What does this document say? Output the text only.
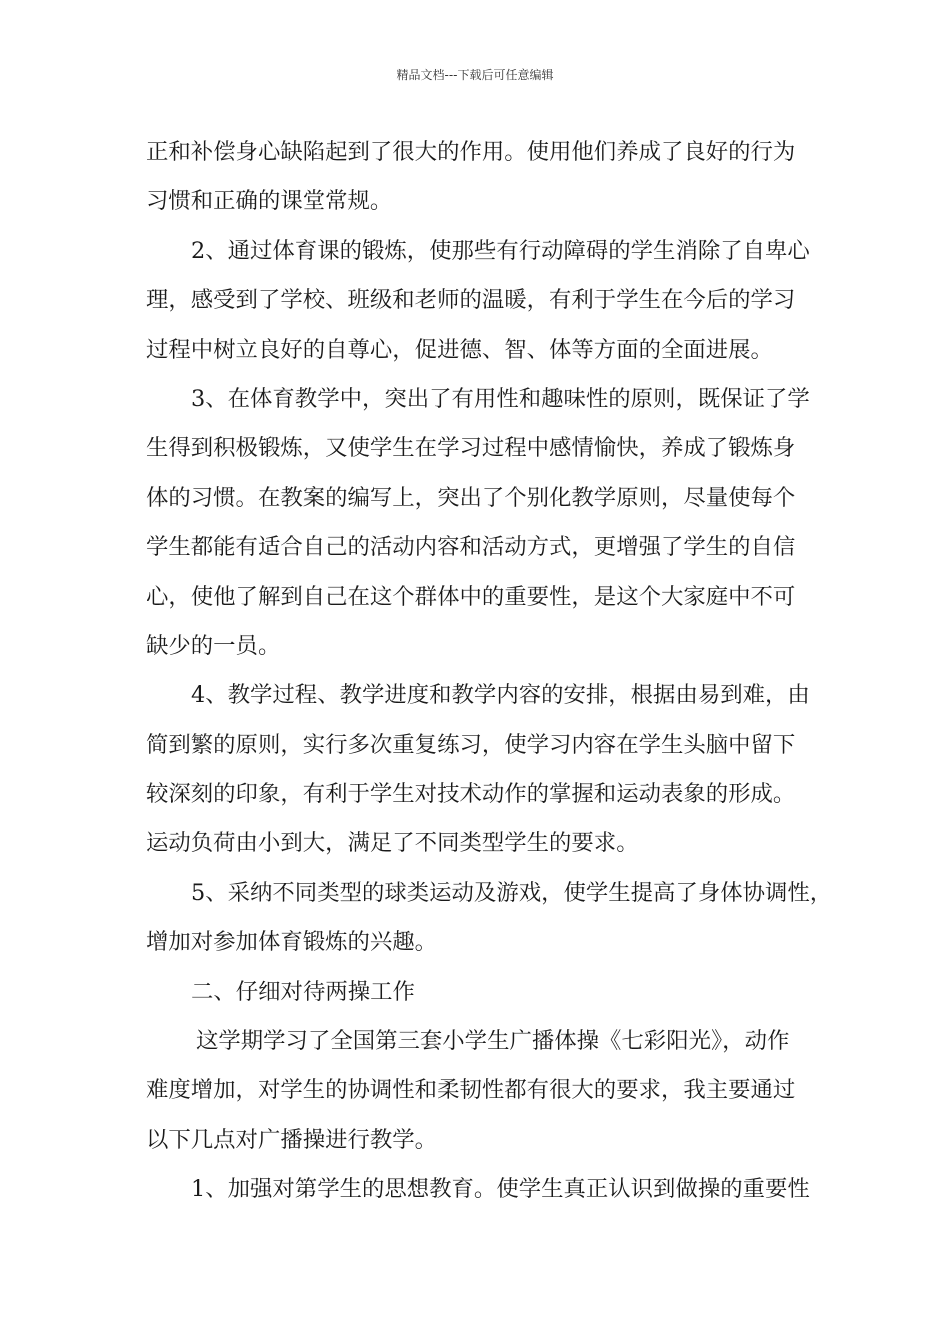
精品文档---下载后可任意编辑
正和补偿身心缺陷起到了很大的作用。使用他们养成了良好的行为
习惯和正确的课堂常规。
2、通过体育课的锻炼，使那些有行动障碍的学生消除了自卑心
理，感受到了学校、班级和老师的温暖，有利于学生在今后的学习
过程中树立良好的自尊心，促进德、智、体等方面的全面进展。
3、在体育教学中，突出了有用性和趣味性的原则，既保证了学
生得到积极锻炼，又使学生在学习过程中感情愉快，养成了锻炼身
体的习惯。在教案的编写上，突出了个别化教学原则，尽量使每个
学生都能有适合自己的活动内容和活动方式，更增强了学生的自信
心，使他了解到自己在这个群体中的重要性，是这个大家庭中不可
缺少的一员。
4、教学过程、教学进度和教学内容的安排，根据由易到难，由
简到繁的原则，实行多次重复练习，使学习内容在学生头脑中留下
较深刻的印象，有利于学生对技术动作的掌握和运动表象的形成。
运动负荷由小到大，满足了不同类型学生的要求。
5、采纳不同类型的球类运动及游戏，使学生提高了身体协调性，
增加对参加体育锻炼的兴趣。
二、仔细对待两操工作
这学期学习了全国第三套小学生广播体操《七彩阳光》，动作
难度增加，对学生的协调性和柔韧性都有很大的要求，我主要通过
以下几点对广播操进行教学。
1、加强对第学生的思想教育。使学生真正认识到做操的重要性
